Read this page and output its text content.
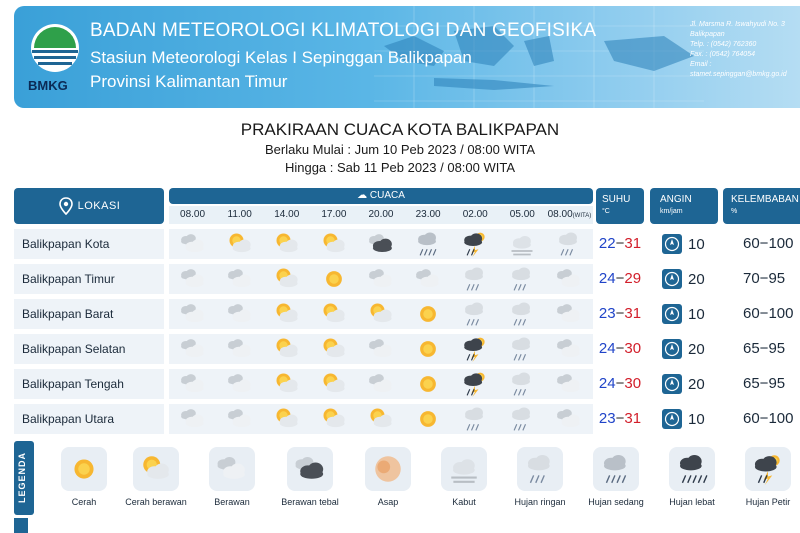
BMKG
BADAN METEOROLOGI KLIMATOLOGI DAN GEOFISIKA
Stasiun Meteorologi Kelas I Sepinggan Balikpapan
Provinsi Kalimantan Timur
Jl. Marsma R. Iswahyudi No. 3
Balikpapan
Telp. : (0542) 762360
Fax. : (0542) 764054
Email :
stamet.sepinggan@bmkg.go.id
PRAKIRAAN CUACA KOTA BALIKPAPAN
Berlaku Mulai : Jum 10 Peb 2023 / 08:00 WITA
Hingga : Sab 11 Peb 2023 / 08:00 WITA
LOKASI
☁ CUACA
08.00	11.00	14.00	17.00	20.00	23.00	02.00	05.00	08.00(WITA)
SUHU
°C
ANGIN
km/jam
KELEMBABAN
%
Balikpapan Kota	22−31	10	60−100
Balikpapan Timur	24−29	20	70−95
Balikpapan Barat	23−31	10	60−100
Balikpapan Selatan	24−30	20	65−95
Balikpapan Tengah	24−30	20	65−95
Balikpapan Utara	23−31	10	60−100
LEGENDA	Cerah	Cerah berawan	Berawan	Berawan tebal	Asap	Kabut	Hujan ringan	Hujan sedang	Hujan lebat	Hujan Petir
